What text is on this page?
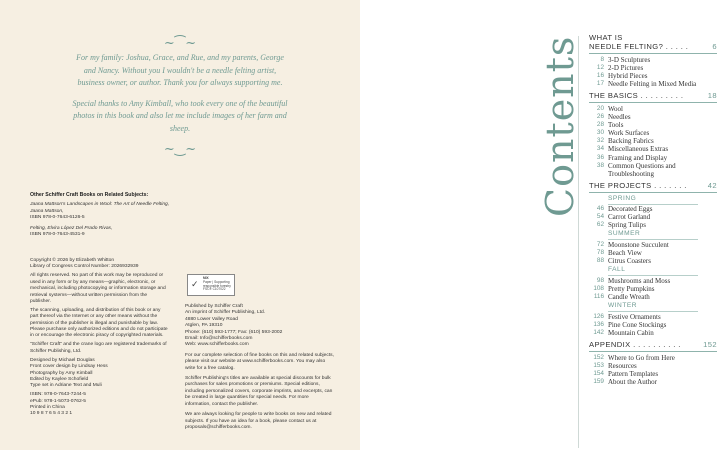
~⁀~

For my family: Joshua, Grace, and Rue, and my parents, George and Nancy. Without you I wouldn't be a needle felting artist, business owner, or author. Thank you for always supporting me.

Special thanks to Amy Kimball, who took every one of the beautiful photos in this book and also let me include images of her farm and sheep.

~‿~
Other Schiffer Craft Books on Related Subjects:

Jaana Mattson's Landscapes in Wool: The Art of Needle Felting, Jaana Mattson,
ISBN 978-0-7643-6126-5

Felting, Elvira López Del Prado Rivas,
ISBN 978-0-7643-4531-9

Copyright © 2026 by Elizabeth Whitton
Library of Congress Control Number: 2026932939

All rights reserved. No part of this work may be reproduced or used in any form or by any means—graphic, electronic, or mechanical, including photocopying or information storage and retrieval systems—without written permission from the publisher.

The scanning, uploading, and distribution of this book or any part thereof via the Internet or any other means without the permission of the publisher is illegal and punishable by law. Please purchase only authorized editions and do not participate in or encourage the electronic piracy of copyrighted materials.

"Schiffer Craft" and the crane logo are registered trademarks of Schiffer Publishing, Ltd.

Designed by Michael Douglas
Front cover design by Lindsay Hess
Photography by Amy Kimball
Edited by Kaylee Schofield
Type set in Adriane Text and Muli

ISBN: 978-0-7643-7244-5
ePub: 978-1-5073-0762-5
Printed in China
10 9 8 7 6 5 4 3 2 1

✓
MIX
Paper | Supporting responsible forestry
FSC® C107022

Published by Schiffer Craft
An imprint of Schiffer Publishing, Ltd.
4880 Lower Valley Road
Atglen, PA 19310
Phone: (610) 593-1777; Fax: (610) 593-2002
Email: Info@schifferbooks.com
Web: www.schifferbooks.com

For our complete selection of fine books on this and related subjects, please visit our website at www.schifferbooks.com. You may also write for a free catalog.

Schiffer Publishing's titles are available at special discounts for bulk purchases for sales promotions or premiums. Special editions, including personalized covers, corporate imprints, and excerpts, can be created in large quantities for special needs. For more information, contact the publisher.

We are always looking for people to write books on new and related subjects. If you have an idea for a book, please contact us at proposals@schifferbooks.com.

Contents WHAT IS
NEEDLE FELTING? . . . . .	6
8 3-D Sculptures
12 2-D Pictures
16 Hybrid Pieces
17 Needle Felting in Mixed Media
THE BASICS . . . . . . . . .	18
20 Wool
26 Needles
28 Tools
30 Work Surfaces
32 Backing Fabrics
34 Miscellaneous Extras
36 Framing and Display
38 Common Questions and Troubleshooting
THE PROJECTS . . . . . . .	42
SPRING
46 Decorated Eggs
54 Carrot Garland
62 Spring Tulips
SUMMER
72 Moonstone Succulent
78 Beach View
88 Citrus Coasters
FALL
98 Mushrooms and Moss
108 Pretty Pumpkins
116 Candle Wreath
WINTER
126 Festive Ornaments
136 Pine Cone Stockings
142 Mountain Cabin
APPENDIX . . . . . . . . . .	152
152 Where to Go from Here
153 Resources
154 Pattern Templates
159 About the Author
